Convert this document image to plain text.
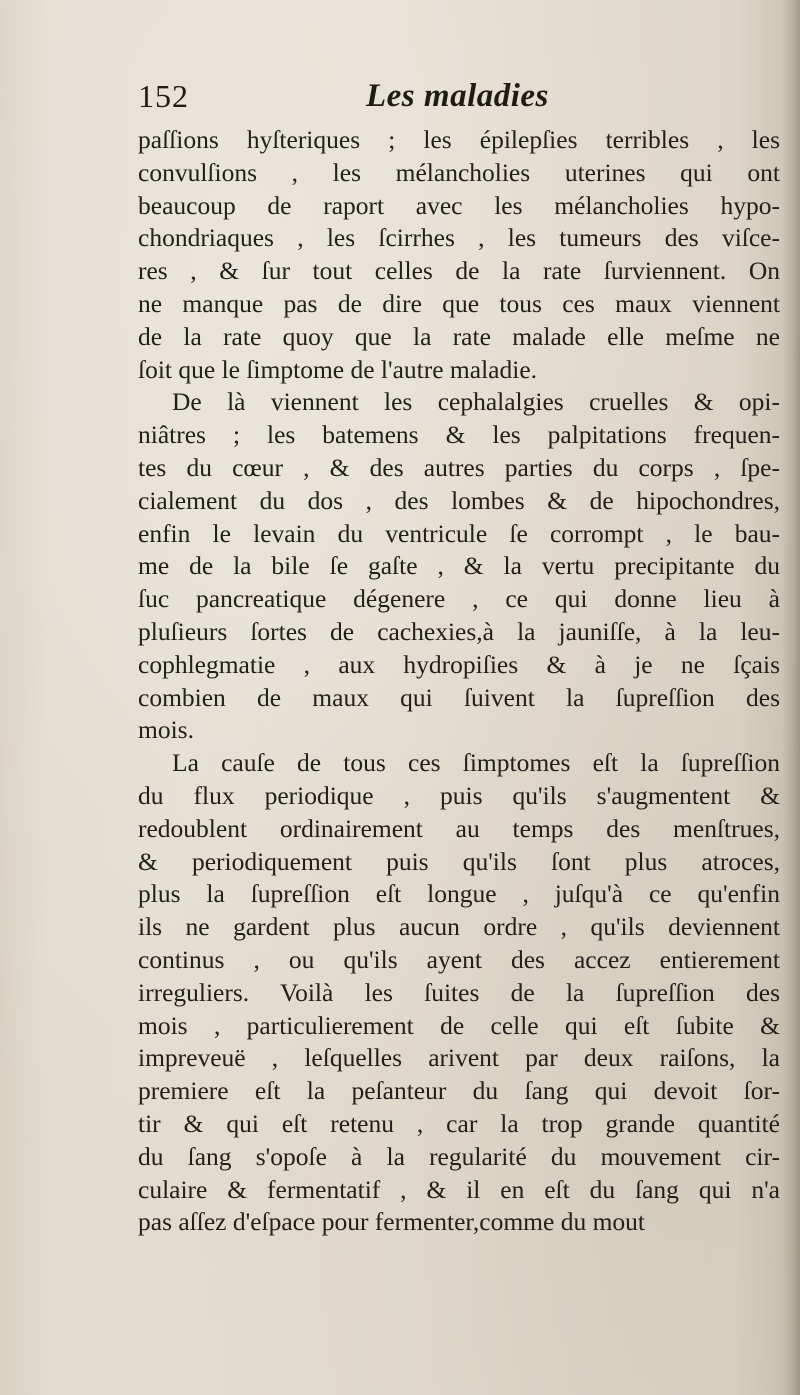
152	Les maladies
paſſions hyſteriques ; les épilepſies terribles , les
convulſions , les mélancholies uterines qui ont
beaucoup de raport avec les mélancholies hypo-
chondriaques , les ſcirrhes , les tumeurs des viſce-
res , & ſur tout celles de la rate ſurviennent. On
ne manque pas de dire que tous ces maux viennent
de la rate quoy que la rate malade elle meſme ne
ſoit que le ſimptome de l'autre maladie.
De là viennent les cephalalgies cruelles & opi-
niâtres ; les batemens & les palpitations frequen-
tes du cœur , & des autres parties du corps , ſpe-
cialement du dos , des lombes & de hipochondres,
enfin le levain du ventricule ſe corrompt , le bau-
me de la bile ſe gaſte , & la vertu precipitante du
ſuc pancreatique dégenere , ce qui donne lieu à
pluſieurs ſortes de cachexies,à la jauniſſe, à la leu-
cophlegmatie , aux hydropiſies & à je ne ſçais
combien de maux qui ſuivent la ſupreſſion des
mois.
La cauſe de tous ces ſimptomes eſt la ſupreſſion
du flux periodique , puis qu'ils s'augmentent &
redoublent ordinairement au temps des menſtrues,
& periodiquement puis qu'ils ſont plus atroces,
plus la ſupreſſion eſt longue , juſqu'à ce qu'enfin
ils ne gardent plus aucun ordre , qu'ils deviennent
continus , ou qu'ils ayent des accez entierement
irreguliers. Voilà les ſuites de la ſupreſſion des
mois , particulierement de celle qui eſt ſubite &
impreveuë , leſquelles arivent par deux raiſons, la
premiere eſt la peſanteur du ſang qui devoit ſor-
tir & qui eſt retenu , car la trop grande quantité
du ſang s'opoſe à la regularité du mouvement cir-
culaire & fermentatif , & il en eſt du ſang qui n'a
pas aſſez d'eſpace pour fermenter,comme du mout
